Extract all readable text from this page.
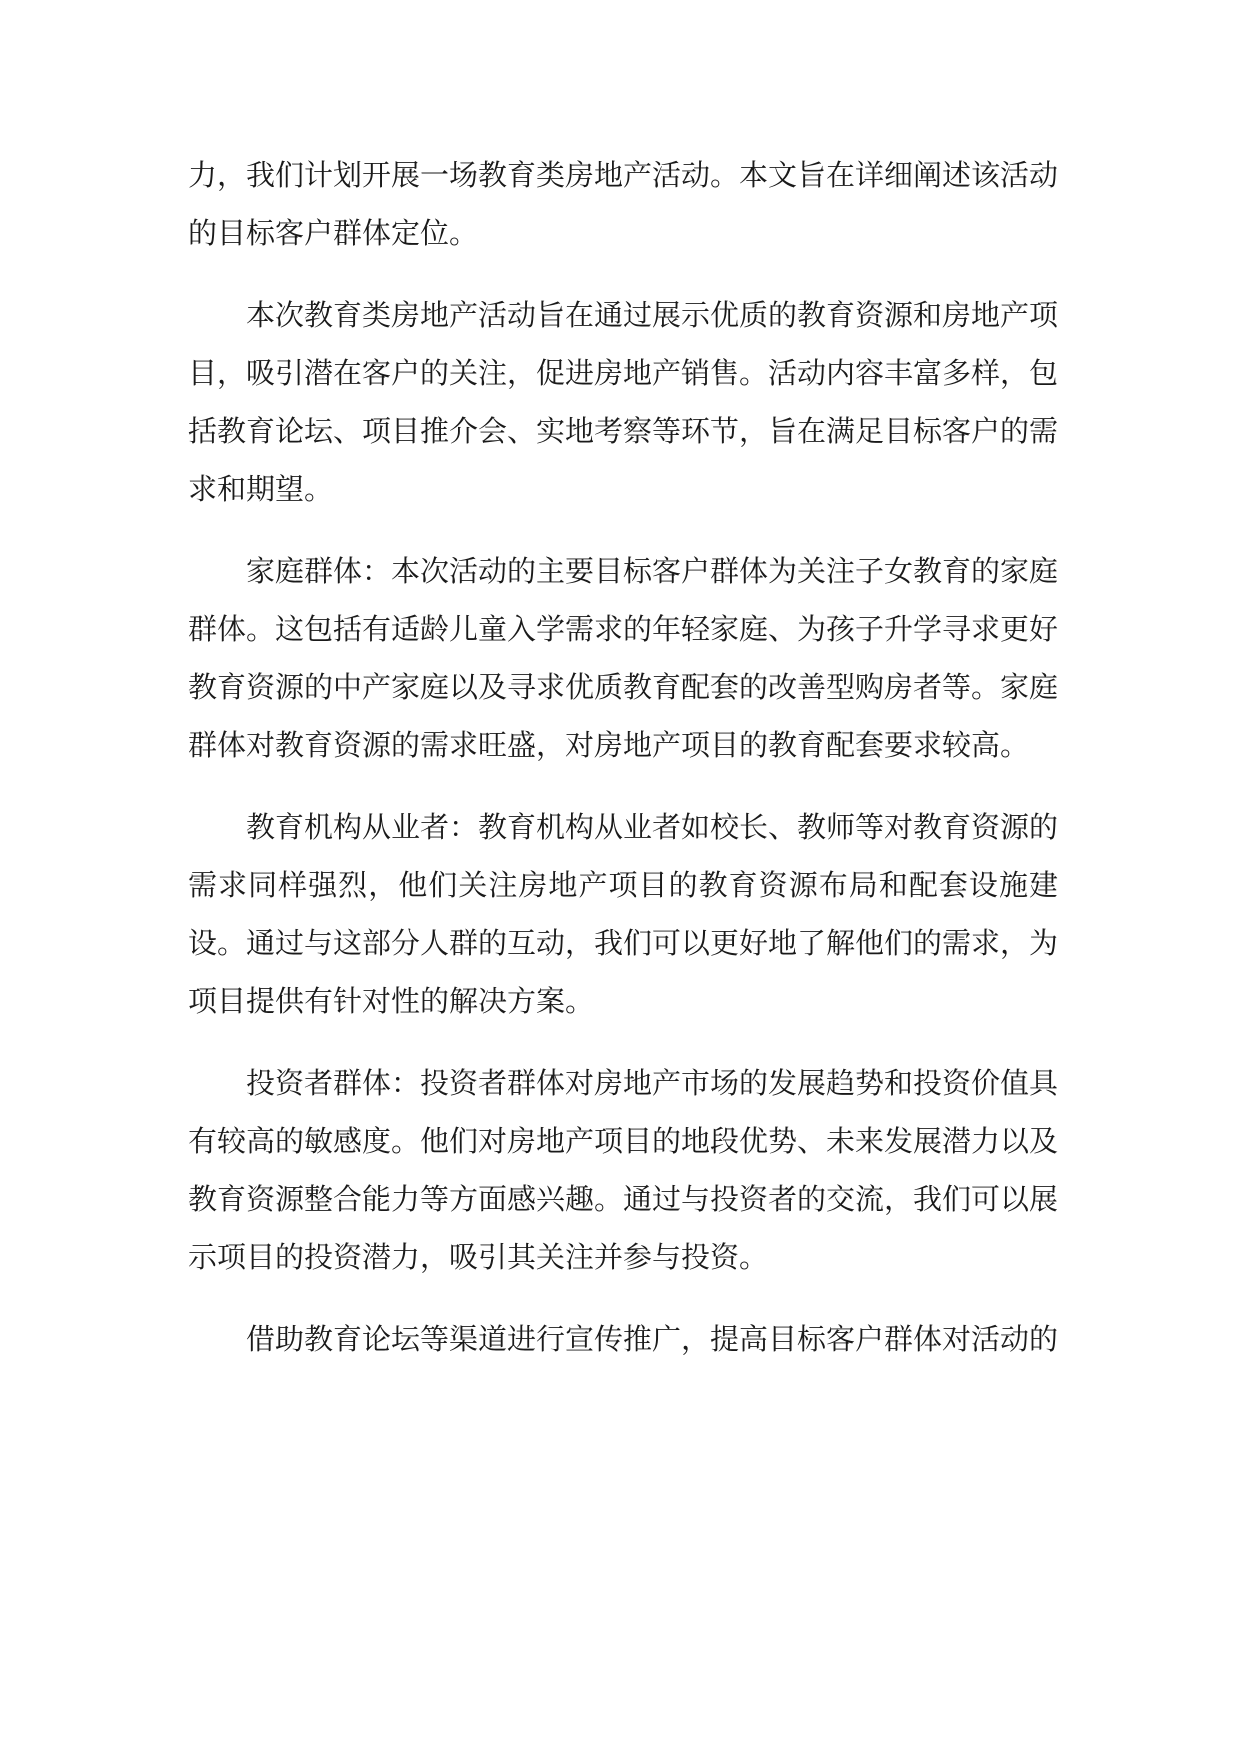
力，我们计划开展一场教育类房地产活动。本文旨在详细阐述该活动的目标客户群体定位。

本次教育类房地产活动旨在通过展示优质的教育资源和房地产项目，吸引潜在客户的关注，促进房地产销售。活动内容丰富多样，包括教育论坛、项目推介会、实地考察等环节，旨在满足目标客户的需求和期望。

家庭群体：本次活动的主要目标客户群体为关注子女教育的家庭群体。这包括有适龄儿童入学需求的年轻家庭、为孩子升学寻求更好教育资源的中产家庭以及寻求优质教育配套的改善型购房者等。家庭群体对教育资源的需求旺盛，对房地产项目的教育配套要求较高。

教育机构从业者：教育机构从业者如校长、教师等对教育资源的需求同样强烈，他们关注房地产项目的教育资源布局和配套设施建设。通过与这部分人群的互动，我们可以更好地了解他们的需求，为项目提供有针对性的解决方案。

投资者群体：投资者群体对房地产市场的发展趋势和投资价值具有较高的敏感度。他们对房地产项目的地段优势、未来发展潜力以及教育资源整合能力等方面感兴趣。通过与投资者的交流，我们可以展示项目的投资潜力，吸引其关注并参与投资。

借助教育论坛等渠道进行宣传推广，提高目标客户群体对活动的
